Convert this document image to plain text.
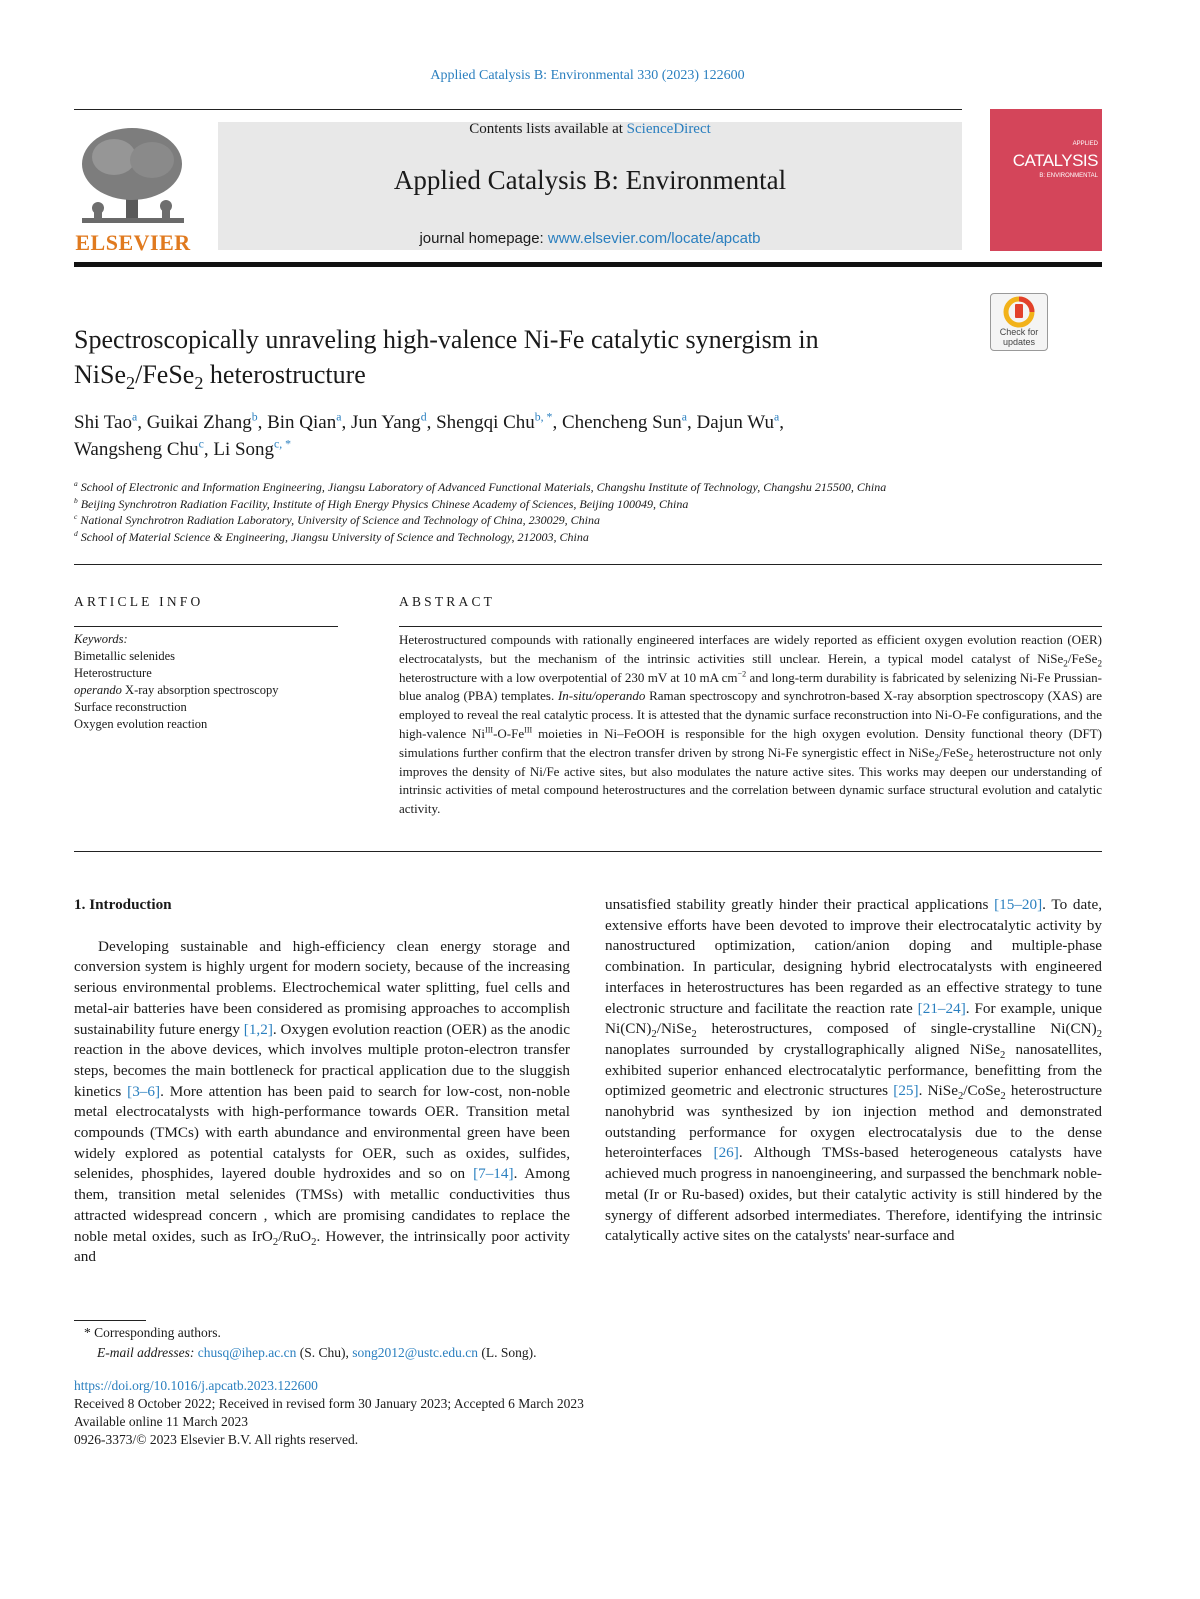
Applied Catalysis B: Environmental 330 (2023) 122600
ELSEVIER
Contents lists available at ScienceDirect
Applied Catalysis B: Environmental
journal homepage: www.elsevier.com/locate/apcatb
APPLIED
CATALYSIS
B: ENVIRONMENTAL
Check for updates
Spectroscopically unraveling high-valence Ni-Fe catalytic synergism in
NiSe$_2$/FeSe$_2$ heterostructure
Shi Tao$^a$, Guikai Zhang$^b$, Bin Qian$^a$, Jun Yang$^d$, Shengqi Chu$^{b, *}$, Chencheng Sun$^a$, Dajun Wu$^a$,
Wangsheng Chu$^c$, Li Song$^{c, *}$
$^a$ School of Electronic and Information Engineering, Jiangsu Laboratory of Advanced Functional Materials, Changshu Institute of Technology, Changshu 215500, China
$^b$ Beijing Synchrotron Radiation Facility, Institute of High Energy Physics Chinese Academy of Sciences, Beijing 100049, China
$^c$ National Synchrotron Radiation Laboratory, University of Science and Technology of China, 230029, China
$^d$ School of Material Science & Engineering, Jiangsu University of Science and Technology, 212003, China
ARTICLE INFO
Keywords:
Bimetallic selenides
Heterostructure
operando X-ray absorption spectroscopy
Surface reconstruction
Oxygen evolution reaction
ABSTRACT
Heterostructured compounds with rationally engineered interfaces are widely reported as efficient oxygen evolution reaction (OER) electrocatalysts, but the mechanism of the intrinsic activities still unclear. Herein, a typical model catalyst of NiSe$_2$/FeSe$_2$ heterostructure with a low overpotential of 230 mV at 10 mA $cm^{-2}$ and long-term durability is fabricated by selenizing Ni-Fe Prussian-blue analog (PBA) templates. In-situ/operando Raman spectroscopy and synchrotron-based X-ray absorption spectroscopy (XAS) are employed to reveal the real catalytic process. It is attested that the dynamic surface reconstruction into Ni-O-Fe configurations, and the high-valence $Ni^{III}-O-Fe^{III}$ moieties in Ni–FeOOH is responsible for the high oxygen evolution. Density functional theory (DFT) simulations further confirm that the electron transfer driven by strong Ni-Fe synergistic effect in NiSe$_2$/FeSe$_2$ heterostructure not only improves the density of Ni/Fe active sites, but also modulates the nature active sites. This works may deepen our understanding of intrinsic activities of metal compound heterostructures and the correlation between dynamic surface structural evolution and catalytic activity.
1. Introduction
Developing sustainable and high-efficiency clean energy storage and conversion system is highly urgent for modern society, because of the increasing serious environmental problems. Electrochemical water splitting, fuel cells and metal-air batteries have been considered as promising approaches to accomplish sustainability future energy [1,2]. Oxygen evolution reaction (OER) as the anodic reaction in the above devices, which involves multiple proton-electron transfer steps, becomes the main bottleneck for practical application due to the sluggish kinetics [3–6]. More attention has been paid to search for low-cost, non-noble metal electrocatalysts with high-performance towards OER. Transition metal compounds (TMCs) with earth abundance and environmental green have been widely explored as potential catalysts for OER, such as oxides, sulfides, selenides, phosphides, layered double hydroxides and so on [7–14]. Among them, transition metal selenides (TMSs) with metallic conductivities thus attracted widespread concern , which are promising candidates to replace the noble metal oxides, such as IrO$_2$/RuO$_2$. However, the intrinsically poor activity and
unsatisfied stability greatly hinder their practical applications [15–20]. To date, extensive efforts have been devoted to improve their electrocatalytic activity by nanostructured optimization, cation/anion doping and multiple-phase combination. In particular, designing hybrid electrocatalysts with engineered interfaces in heterostructures has been regarded as an effective strategy to tune electronic structure and facilitate the reaction rate [21–24]. For example, unique $Ni(CN)_2/NiSe_2$ heterostructures, composed of single-crystalline $Ni(CN)_2$ nanoplates surrounded by crystallographically aligned NiSe$_2$ nanosatellites, exhibited superior enhanced electrocatalytic performance, benefitting from the optimized geometric and electronic structures [25]. NiSe$_2$/CoSe$_2$ heterostructure nanohybrid was synthesized by ion injection method and demonstrated outstanding performance for oxygen electrocatalysis due to the dense heterointerfaces [26]. Although TMSs-based heterogeneous catalysts have achieved much progress in nanoengineering, and surpassed the benchmark noble-metal (Ir or Ru-based) oxides, but their catalytic activity is still hindered by the synergy of different adsorbed intermediates. Therefore, identifying the intrinsic catalytically active sites on the catalysts' near-surface and
* Corresponding authors.
E-mail addresses: chusq@ihep.ac.cn (S. Chu), song2012@ustc.edu.cn (L. Song).
https://doi.org/10.1016/j.apcatb.2023.122600
Received 8 October 2022; Received in revised form 30 January 2023; Accepted 6 March 2023
Available online 11 March 2023
0926-3373/© 2023 Elsevier B.V. All rights reserved.
